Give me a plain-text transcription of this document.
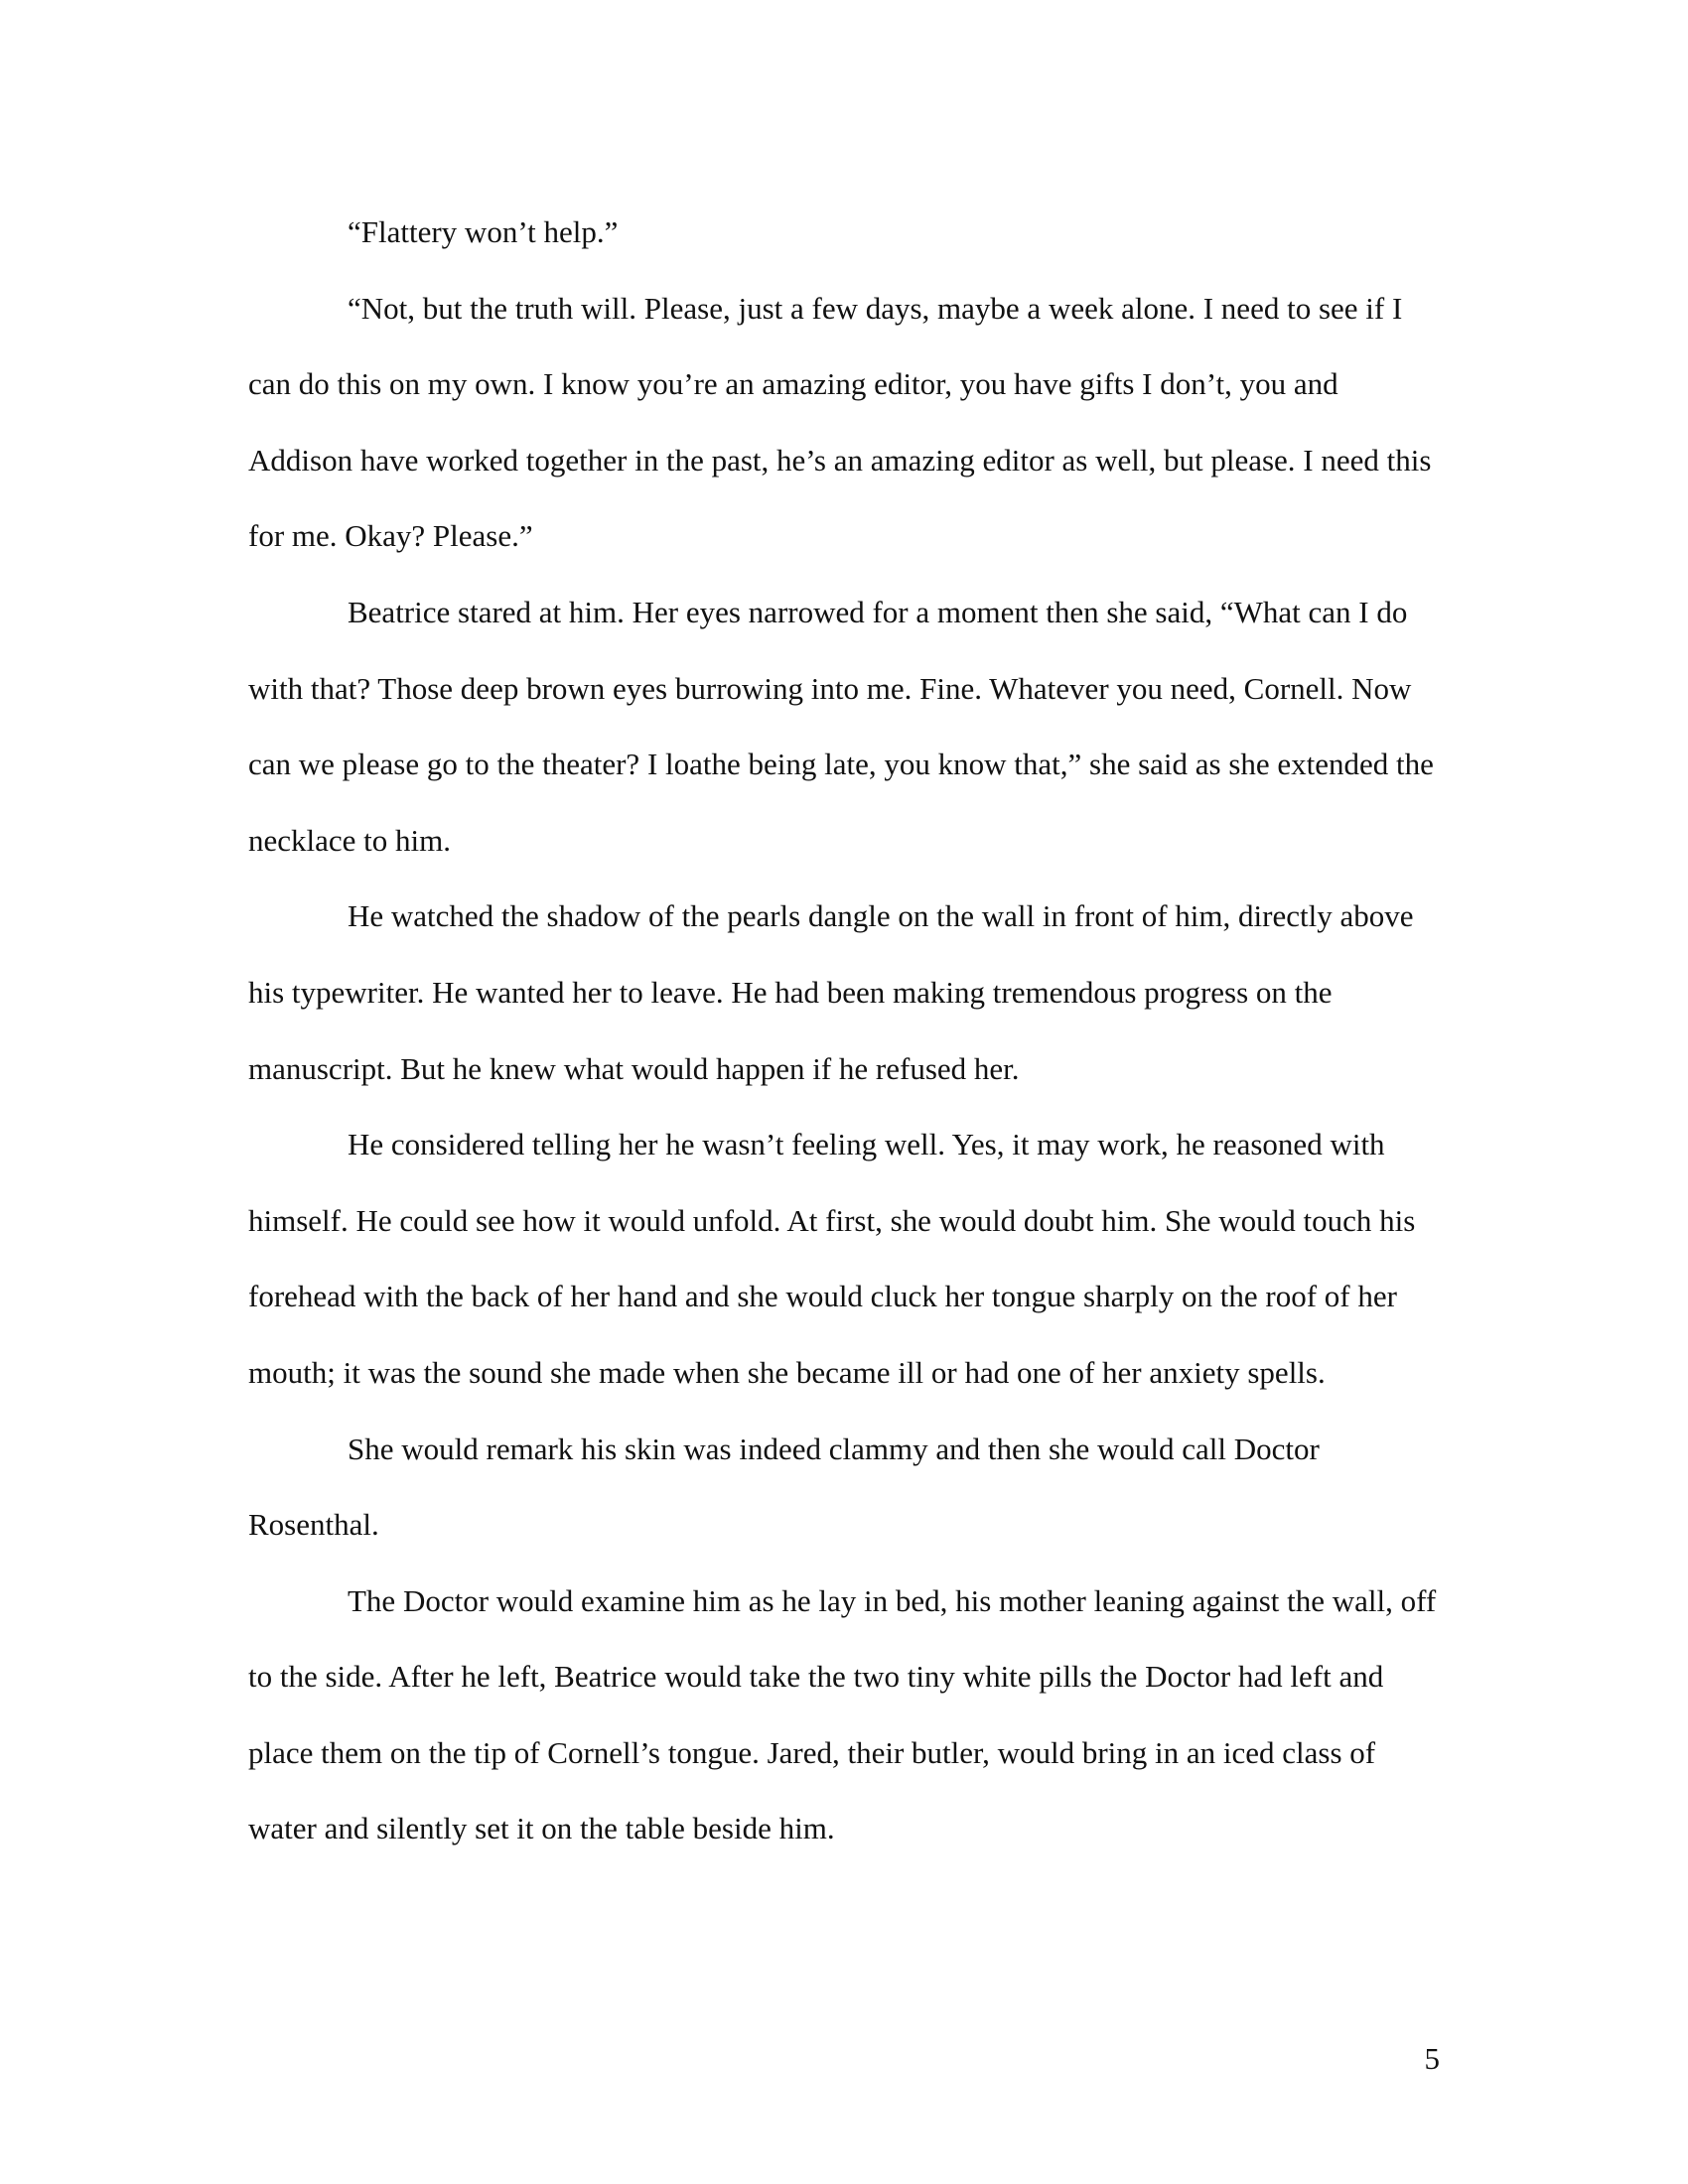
“Flattery won’t help.”

“Not, but the truth will. Please, just a few days, maybe a week alone. I need to see if I can do this on my own. I know you’re an amazing editor, you have gifts I don’t, you and Addison have worked together in the past, he’s an amazing editor as well, but please. I need this for me. Okay? Please.”

Beatrice stared at him. Her eyes narrowed for a moment then she said, “What can I do with that? Those deep brown eyes burrowing into me. Fine. Whatever you need, Cornell. Now can we please go to the theater? I loathe being late, you know that,” she said as she extended the necklace to him.

He watched the shadow of the pearls dangle on the wall in front of him, directly above his typewriter. He wanted her to leave. He had been making tremendous progress on the manuscript. But he knew what would happen if he refused her.

He considered telling her he wasn’t feeling well. Yes, it may work, he reasoned with himself. He could see how it would unfold. At first, she would doubt him. She would touch his forehead with the back of her hand and she would cluck her tongue sharply on the roof of her mouth; it was the sound she made when she became ill or had one of her anxiety spells.

She would remark his skin was indeed clammy and then she would call Doctor Rosenthal.

The Doctor would examine him as he lay in bed, his mother leaning against the wall, off to the side. After he left, Beatrice would take the two tiny white pills the Doctor had left and place them on the tip of Cornell’s tongue. Jared, their butler, would bring in an iced class of water and silently set it on the table beside him.

5
